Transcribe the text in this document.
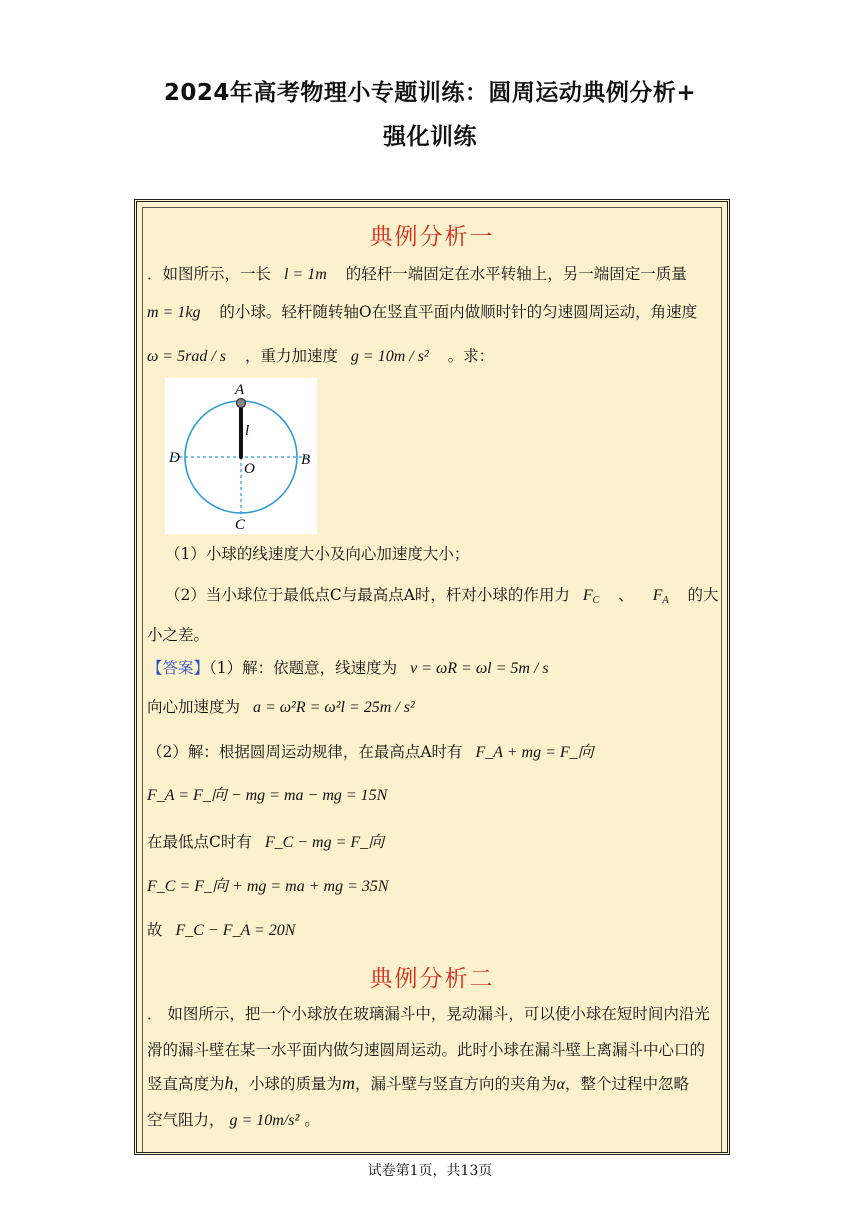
2024年高考物理小专题训练：圆周运动典例分析+
强化训练
典例分析一
．如图所示，一长 l = 1m 的轻杆一端固定在水平转轴上，另一端固定一质量
m = 1kg 的小球。轻杆随转轴O在竖直平面内做顺时针的匀速圆周运动，角速度
ω = 5rad / s ，重力加速度 g = 10m / s² 。求：
A
l
O
B
D
C
（1）小球的线速度大小及向心加速度大小；
（2）当小球位于最低点C与最高点A时，杆对小球的作用力 $F_C$ 、 $F_A$ 的大
小之差。
【答案】（1）解：依题意，线速度为 v = ωR = ωl = 5m / s
向心加速度为 a = ω²R = ω²l = 25m / s²
（2）解：根据圆周运动规律，在最高点A时有 F_A + mg = F_向
F_A = F_向 − mg = ma − mg = 15N
在最低点C时有 F_C − mg = F_向
F_C = F_向 + mg = ma + mg = 35N
故 F_C − F_A = 20N
典例分析二
． 如图所示，把一个小球放在玻璃漏斗中，晃动漏斗，可以使小球在短时间内沿光
滑的漏斗壁在某一水平面内做匀速圆周运动。此时小球在漏斗壁上离漏斗中心口的
竖直高度为h，小球的质量为m，漏斗壁与竖直方向的夹角为α，整个过程中忽略
空气阻力， g = 10m/s² 。
试卷第1页，共13页
